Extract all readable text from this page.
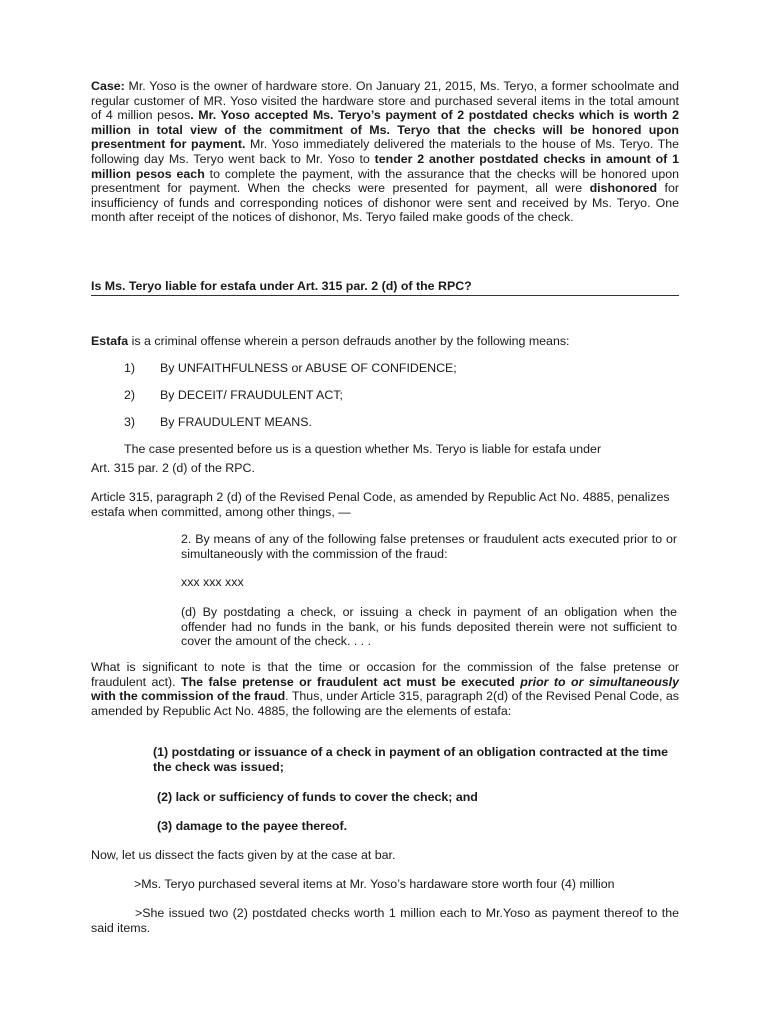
Case: Mr. Yoso is the owner of hardware store. On January 21, 2015, Ms. Teryo, a former schoolmate and regular customer of MR. Yoso visited the hardware store and purchased several items in the total amount of 4 million pesos. Mr. Yoso accepted Ms. Teryo’s payment of 2 postdated checks which is worth 2 million in total view of the commitment of Ms. Teryo that the checks will be honored upon presentment for payment. Mr. Yoso immediately delivered the materials to the house of Ms. Teryo. The following day Ms. Teryo went back to Mr. Yoso to tender 2 another postdated checks in amount of 1 million pesos each to complete the payment, with the assurance that the checks will be honored upon presentment for payment. When the checks were presented for payment, all were dishonored for insufficiency of funds and corresponding notices of dishonor were sent and received by Ms. Teryo. One month after receipt of the notices of dishonor, Ms. Teryo failed make goods of the check.

Is Ms. Teryo liable for estafa under Art. 315 par. 2 (d) of the RPC?

Estafa is a criminal offense wherein a person defrauds another by the following means:

1) By UNFAITHFULNESS or ABUSE OF CONFIDENCE;
2) By DECEIT/ FRAUDULENT ACT;
3) By FRAUDULENT MEANS.

The case presented before us is a question whether Ms. Teryo is liable for estafa under

Art. 315 par. 2 (d) of the RPC.

Article 315, paragraph 2 (d) of the Revised Penal Code, as amended by Republic Act No. 4885, penalizes estafa when committed, among other things, —

2. By means of any of the following false pretenses or fraudulent acts executed prior to or simultaneously with the commission of the fraud:

xxx xxx xxx

(d) By postdating a check, or issuing a check in payment of an obligation when the offender had no funds in the bank, or his funds deposited therein were not sufficient to cover the amount of the check. . . .

What is significant to note is that the time or occasion for the commission of the false pretense or fraudulent act). The false pretense or fraudulent act must be executed prior to or simultaneously with the commission of the fraud. Thus, under Article 315, paragraph 2(d) of the Revised Penal Code, as amended by Republic Act No. 4885, the following are the elements of estafa:

(1) postdating or issuance of a check in payment of an obligation contracted at the time the check was issued;

(2) lack or sufficiency of funds to cover the check; and

(3) damage to the payee thereof.

Now, let us dissect the facts given by at the case at bar.

>Ms. Teryo purchased several items at Mr. Yoso’s hardaware store worth four (4) million

>She issued two (2) postdated checks worth 1 million each to Mr.Yoso as payment thereof to the said items.
